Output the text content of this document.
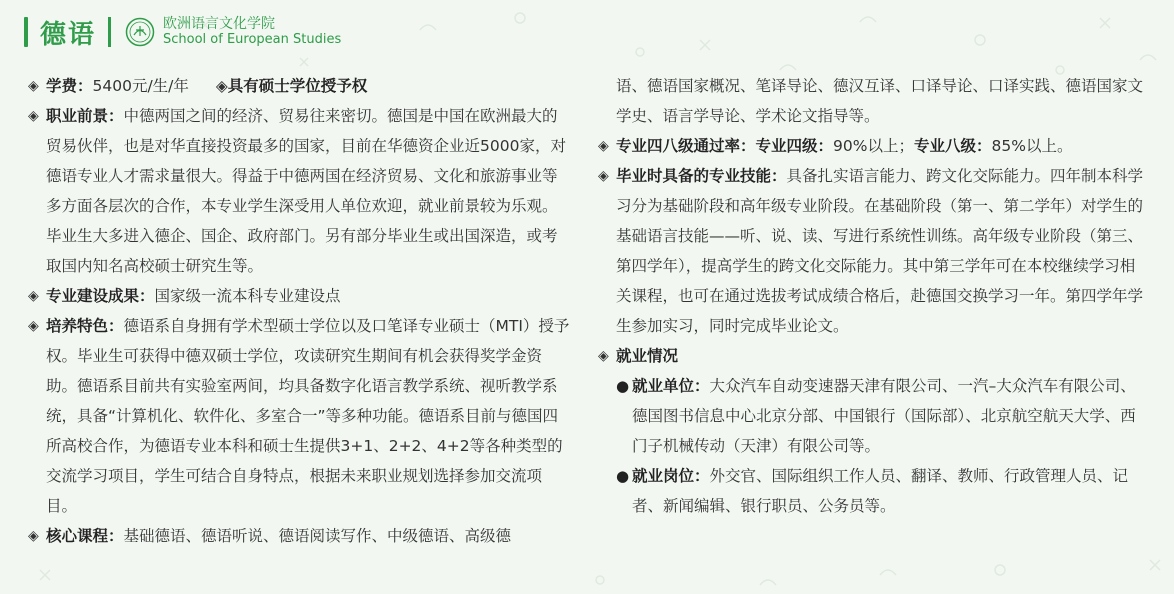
德语	欧洲语言文化学院
School of European Studies
◈ 学费：5400元/生/年 ◈具有硕士学位授予权
◈ 职业前景：中德两国之间的经济、贸易往来密切。德国是中国在欧洲最大的贸易伙伴，也是对华直接投资最多的国家，目前在华德资企业近5000家，对德语专业人才需求量很大。得益于中德两国在经济贸易、文化和旅游事业等多方面各层次的合作，本专业学生深受用人单位欢迎，就业前景较为乐观。毕业生大多进入德企、国企、政府部门。另有部分毕业生或出国深造，或考取国内知名高校硕士研究生等。
◈ 专业建设成果：国家级一流本科专业建设点
◈ 培养特色：德语系自身拥有学术型硕士学位以及口笔译专业硕士（MTI）授予权。毕业生可获得中德双硕士学位，攻读研究生期间有机会获得奖学金资助。德语系目前共有实验室两间，均具备数字化语言教学系统、视听教学系统，具备“计算机化、软件化、多室合一”等多种功能。德语系目前与德国四所高校合作，为德语专业本科和硕士生提供3+1、2+2、4+2等各种类型的交流学习项目，学生可结合自身特点，根据未来职业规划选择参加交流项目。
◈ 核心课程：基础德语、德语听说、德语阅读写作、中级德语、高级德
语、德语国家概况、笔译导论、德汉互译、口译导论、口译实践、德语国家文学史、语言学导论、学术论文指导等。
◈ 专业四八级通过率：专业四级：90%以上；专业八级：85%以上。
◈ 毕业时具备的专业技能：具备扎实语言能力、跨文化交际能力。四年制本科学习分为基础阶段和高年级专业阶段。在基础阶段（第一、第二学年）对学生的基础语言技能——听、说、读、写进行系统性训练。高年级专业阶段（第三、第四学年），提高学生的跨文化交际能力。其中第三学年可在本校继续学习相关课程，也可在通过选拔考试成绩合格后，赴德国交换学习一年。第四学年学生参加实习，同时完成毕业论文。
◈ 就业情况
● 就业单位：大众汽车自动变速器天津有限公司、一汽–大众汽车有限公司、德国图书信息中心北京分部、中国银行（国际部）、北京航空航天大学、西门子机械传动（天津）有限公司等。
● 就业岗位：外交官、国际组织工作人员、翻译、教师、行政管理人员、记者、新闻编辑、银行职员、公务员等。
